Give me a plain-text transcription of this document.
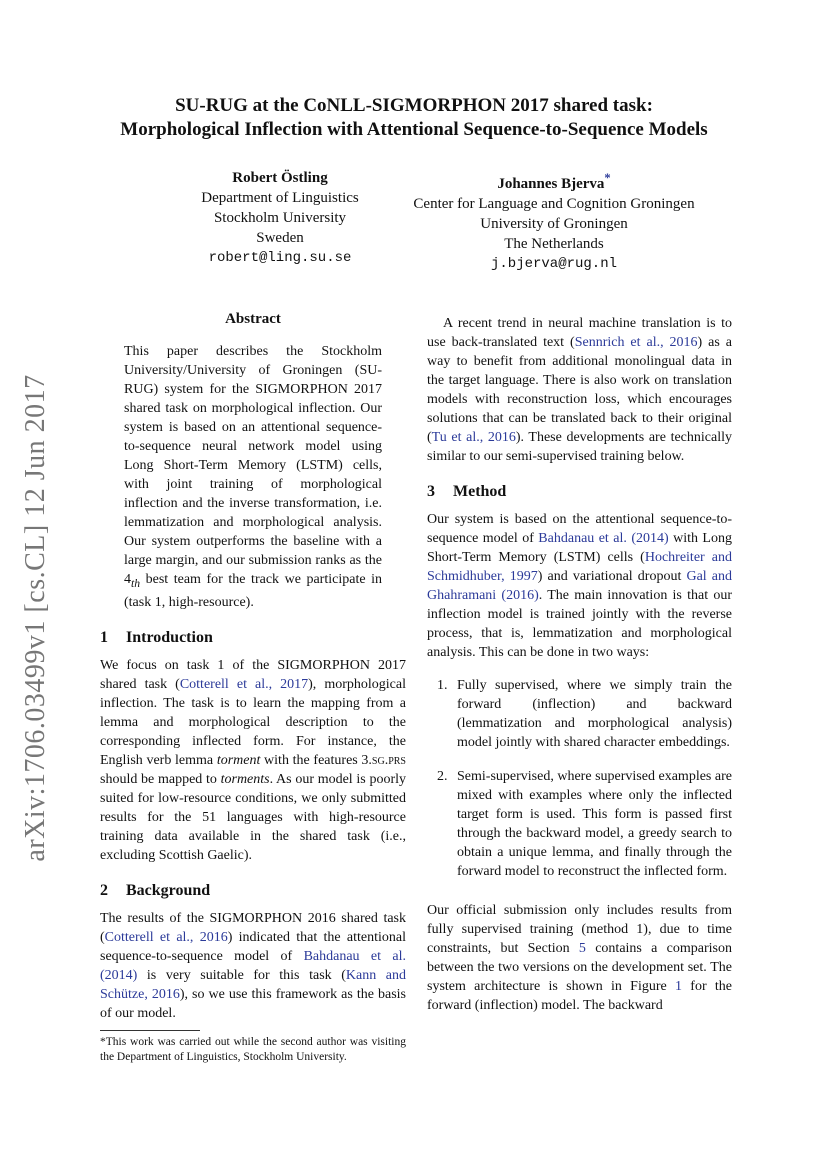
arXiv:1706.03499v1 [cs.CL] 12 Jun 2017
SU-RUG at the CoNLL-SIGMORPHON 2017 shared task:
Morphological Inflection with Attentional Sequence-to-Sequence Models
Robert Östling
Department of Linguistics
Stockholm University
Sweden
robert@ling.su.se
Johannes Bjerva*
Center for Language and Cognition Groningen
University of Groningen
The Netherlands
j.bjerva@rug.nl

Abstract

This paper describes the Stockholm University/University of Groningen (SU-RUG) system for the SIGMORPHON 2017 shared task on morphological inflection. Our system is based on an attentional sequence-to-sequence neural network model using Long Short-Term Memory (LSTM) cells, with joint training of morphological inflection and the inverse transformation, i.e. lemmatization and morphological analysis. Our system outperforms the baseline with a large margin, and our submission ranks as the $4_{th}$ best team for the track we participate in (task 1, high-resource).

1 Introduction

We focus on task 1 of the SIGMORPHON 2017 shared task (Cotterell et al., 2017), morphological inflection. The task is to learn the mapping from a lemma and morphological description to the corresponding inflected form. For instance, the English verb lemma torment with the features 3.sg.prs should be mapped to torments. As our model is poorly suited for low-resource conditions, we only submitted results for the 51 languages with high-resource training data available in the shared task (i.e., excluding Scottish Gaelic).

2 Background

The results of the SIGMORPHON 2016 shared task (Cotterell et al., 2016) indicated that the attentional sequence-to-sequence model of Bahdanau et al. (2014) is very suitable for this task (Kann and Schütze, 2016), so we use this framework as the basis of our model.

*This work was carried out while the second author was visiting the Department of Linguistics, Stockholm University.

A recent trend in neural machine translation is to use back-translated text (Sennrich et al., 2016) as a way to benefit from additional monolingual data in the target language. There is also work on translation models with reconstruction loss, which encourages solutions that can be translated back to their original (Tu et al., 2016). These developments are technically similar to our semi-supervised training below.

3 Method

Our system is based on the attentional sequence-to-sequence model of Bahdanau et al. (2014) with Long Short-Term Memory (LSTM) cells (Hochreiter and Schmidhuber, 1997) and variational dropout Gal and Ghahramani (2016). The main innovation is that our inflection model is trained jointly with the reverse process, that is, lemmatization and morphological analysis. This can be done in two ways:

1. Fully supervised, where we simply train the forward (inflection) and backward (lemmatization and morphological analysis) model jointly with shared character embeddings.
2. Semi-supervised, where supervised examples are mixed with examples where only the inflected target form is used. This form is passed first through the backward model, a greedy search to obtain a unique lemma, and finally through the forward model to reconstruct the inflected form.

Our official submission only includes results from fully supervised training (method 1), due to time constraints, but Section 5 contains a comparison between the two versions on the development set. The system architecture is shown in Figure 1 for the forward (inflection) model. The backward
